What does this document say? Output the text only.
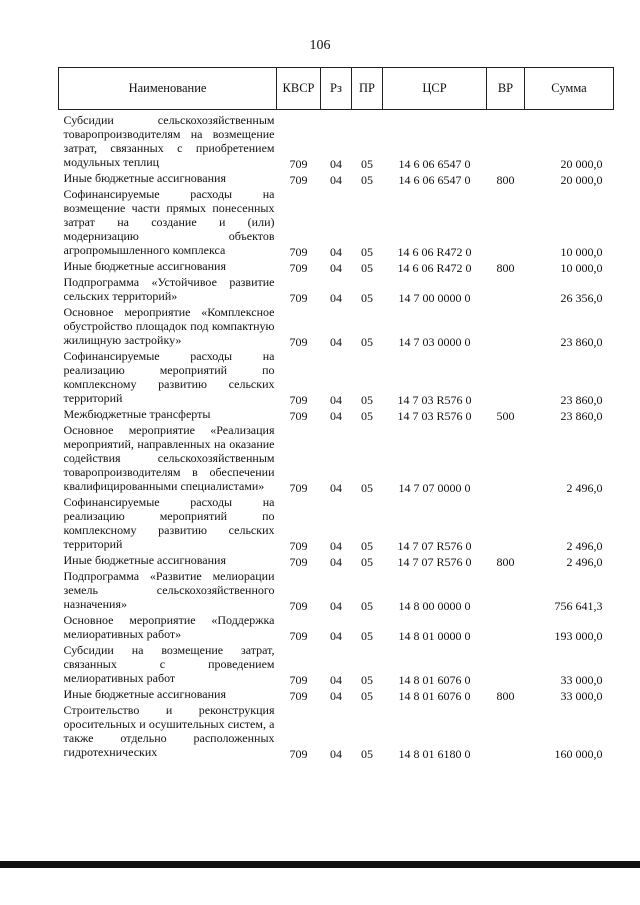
106
Наименование	КВСР	Рз	ПР	ЦСР	ВР	Сумма
Субсидии сельскохозяйственным товаропроизводителям на возмещение затрат, связанных с приобретением модульных теплиц	709	04	05	14 6 06 6547 0		20 000,0
Иные бюджетные ассигнования	709	04	05	14 6 06 6547 0	800	20 000,0
Софинансируемые расходы на возмещение части прямых понесенных затрат на создание и (или) модернизацию объектов агропромышленного комплекса	709	04	05	14 6 06 R472 0		10 000,0
Иные бюджетные ассигнования	709	04	05	14 6 06 R472 0	800	10 000,0
Подпрограмма «Устойчивое развитие сельских территорий»	709	04	05	14 7 00 0000 0		26 356,0
Основное мероприятие «Комплексное обустройство площадок под компактную жилищную застройку»	709	04	05	14 7 03 0000 0		23 860,0
Софинансируемые расходы на реализацию мероприятий по комплексному развитию сельских территорий	709	04	05	14 7 03 R576 0		23 860,0
Межбюджетные трансферты	709	04	05	14 7 03 R576 0	500	23 860,0
Основное мероприятие «Реализация мероприятий, направленных на оказание содействия сельскохозяйственным товаропроизводителям в обеспечении квалифицированными специалистами»	709	04	05	14 7 07 0000 0		2 496,0
Софинансируемые расходы на реализацию мероприятий по комплексному развитию сельских территорий	709	04	05	14 7 07 R576 0		2 496,0
Иные бюджетные ассигнования	709	04	05	14 7 07 R576 0	800	2 496,0
Подпрограмма «Развитие мелиорации земель сельскохозяйственного назначения»	709	04	05	14 8 00 0000 0		756 641,3
Основное мероприятие «Поддержка мелиоративных работ»	709	04	05	14 8 01 0000 0		193 000,0
Субсидии на возмещение затрат, связанных с проведением мелиоративных работ	709	04	05	14 8 01 6076 0		33 000,0
Иные бюджетные ассигнования	709	04	05	14 8 01 6076 0	800	33 000,0
Строительство и реконструкция оросительных и осушительных систем, а также отдельно расположенных гидротехнических	709	04	05	14 8 01 6180 0		160 000,0
